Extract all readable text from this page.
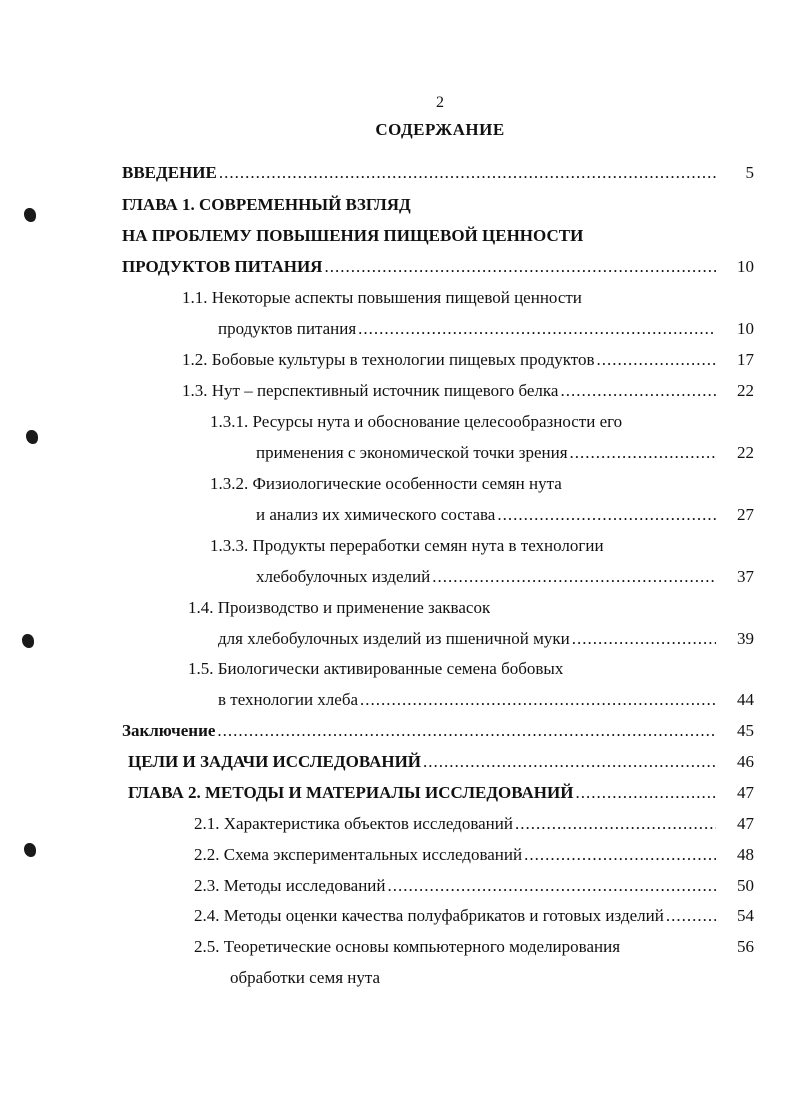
2
СОДЕРЖАНИЕ
ВВЕДЕНИЕ .....	5
ГЛАВА 1. СОВРЕМЕННЫЙ ВЗГЛЯД
НА ПРОБЛЕМУ ПОВЫШЕНИЯ ПИЩЕВОЙ ЦЕННОСТИ
ПРОДУКТОВ ПИТАНИЯ .....	10
1.1. Некоторые аспекты повышения пищевой ценности
продуктов питания .....	10
1.2. Бобовые культуры в технологии пищевых продуктов .....	17
1.3. Нут – перспективный источник пищевого белка .....	22
1.3.1. Ресурсы нута и обоснование целесообразности его
применения с экономической точки зрения .....	22
1.3.2. Физиологические особенности семян нута
и анализ их химического состава .....	27
1.3.3. Продукты переработки семян нута в технологии
хлебобулочных изделий .....	37
1.4. Производство и применение заквасок
для хлебобулочных изделий из пшеничной муки .....	39
1.5. Биологически активированные семена бобовых
в технологии хлеба .....	44
Заключение .....	45
ЦЕЛИ И ЗАДАЧИ ИССЛЕДОВАНИЙ .....	46
ГЛАВА 2. МЕТОДЫ И МАТЕРИАЛЫ ИССЛЕДОВАНИЙ .....	47
2.1. Характеристика объектов исследований .....	47
2.2. Схема экспериментальных исследований .....	48
2.3. Методы исследований .....	50
2.4. Методы оценки качества полуфабрикатов и готовых изделий .....	54
2.5. Теоретические основы компьютерного моделирования	56
обработки семя нута
